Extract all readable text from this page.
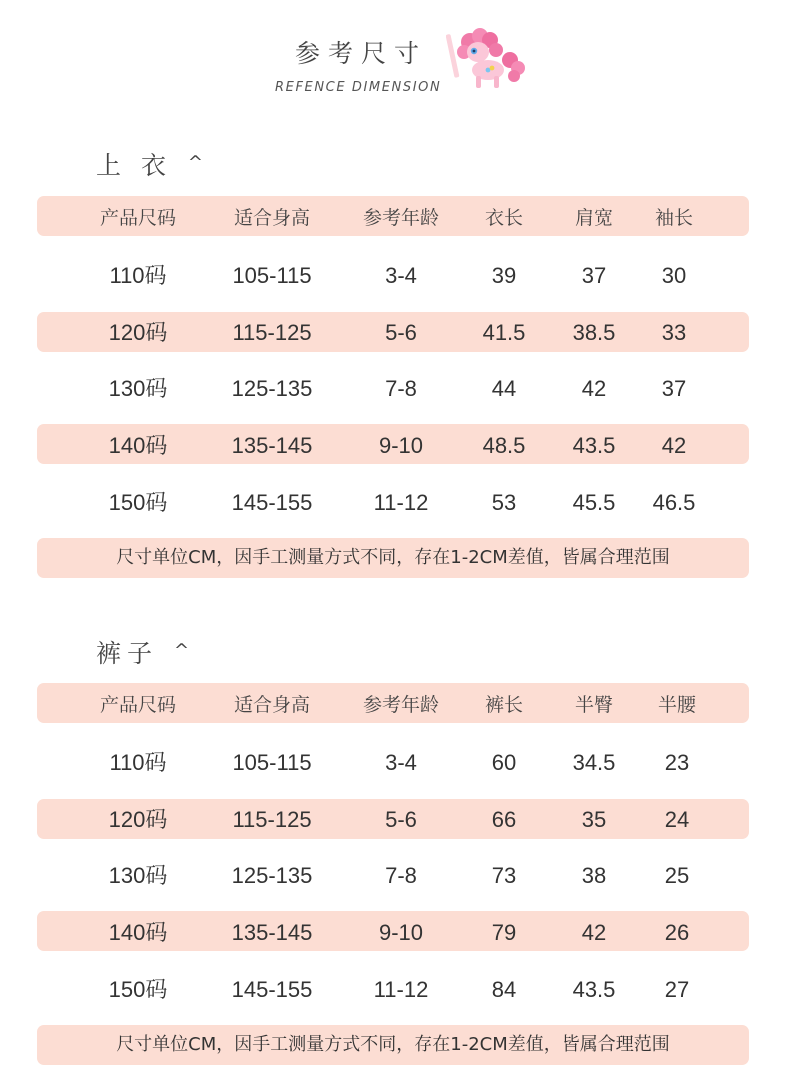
参考尺寸
REFENCE DIMENSION
上 衣 ^
产品尺码	适合身高	参考年龄 衣长	肩宽 袖长
110码	105-115	3-4	39	37	30
120码	115-125	5-6	41.5 38.5 33
130码	125-135	7-8	44	42	37
140码	135-145	9-10	48.5 43.5 42
150码	145-155	11-12	53	45.5 46.5
尺寸单位CM，因手工测量方式不同，存在1-2CM差值，皆属合理范围
裤子 ^
产品尺码	适合身高	参考年龄 裤长	半臀 半腰
110码	105-115	3-4	60	34.5 23
120码	115-125	5-6	66	35	24
130码	125-135	7-8	73	38	25
140码	135-145	9-10	79	42	26
150码	145-155	11-12	84	43.5 27
尺寸单位CM，因手工测量方式不同，存在1-2CM差值，皆属合理范围
